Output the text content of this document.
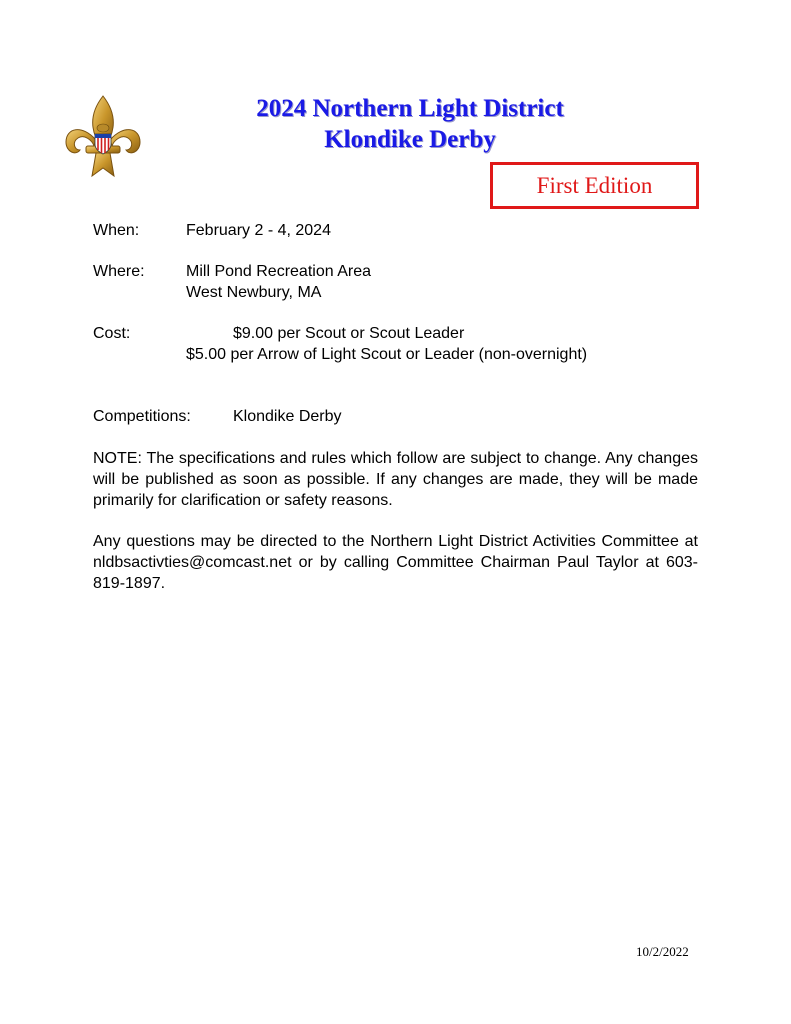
2024 Northern Light District
Klondike Derby
First Edition
When:	February 2 - 4, 2024
Where:	Mill Pond Recreation Area
West Newbury, MA
Cost:	$9.00 per Scout or Scout Leader
$5.00 per Arrow of Light Scout or Leader (non-overnight)
Competitions:	Klondike Derby
NOTE: The specifications and rules which follow are subject to change. Any changes will be published as soon as possible. If any changes are made, they will be made primarily for clarification or safety reasons.
Any questions may be directed to the Northern Light District Activities Committee at nldbsactivties@comcast.net or by calling Committee Chairman Paul Taylor at 603-819-1897.
10/2/2022
